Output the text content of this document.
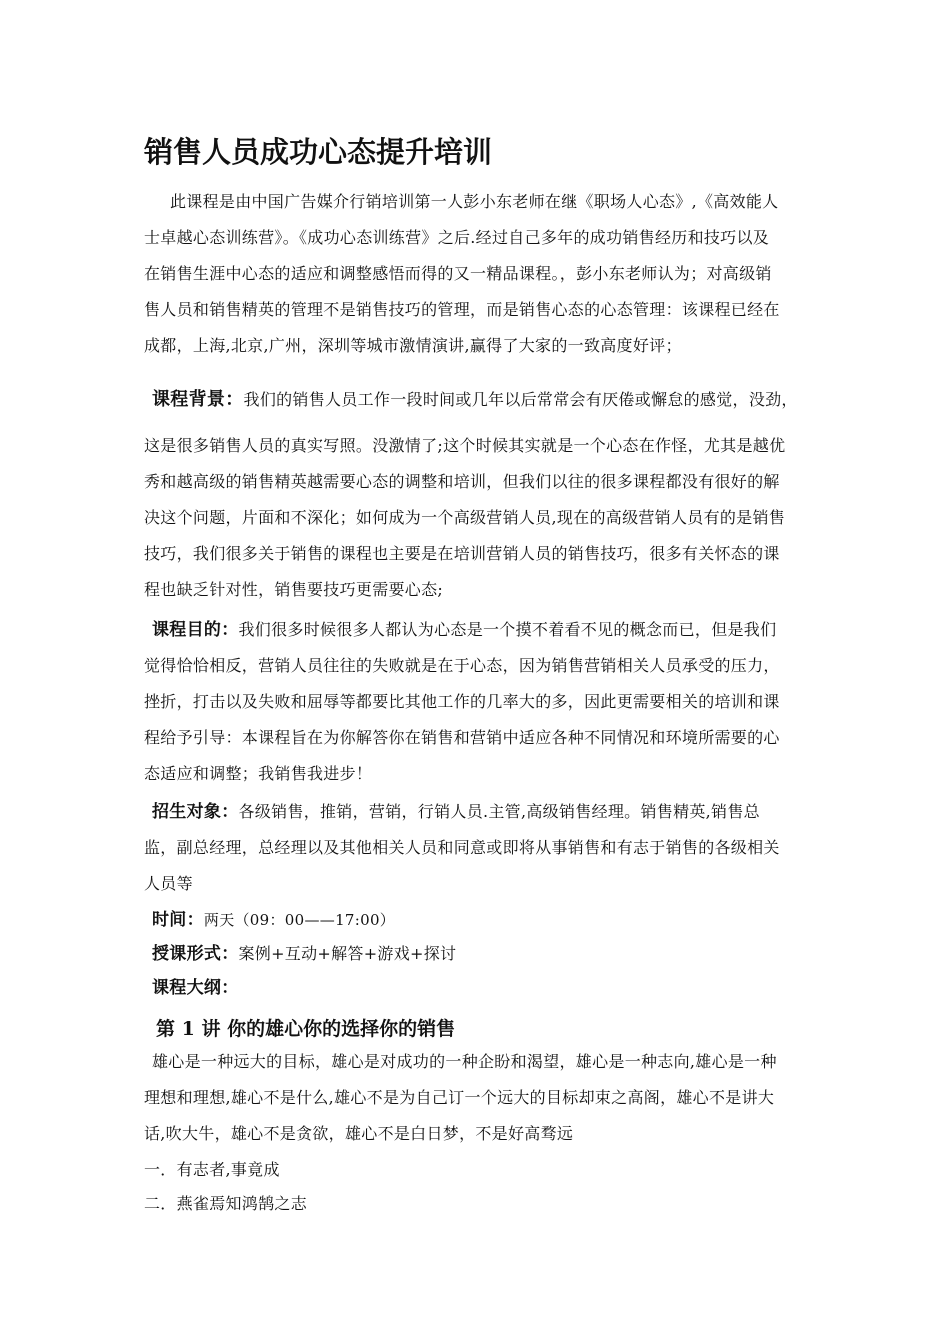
销售人员成功心态提升培训
此课程是由中国广告媒介行销培训第一人彭小东老师在继《职场人心态》,《高效能人
士卓越心态训练营》。《成功心态训练营》之后.经过自己多年的成功销售经历和技巧以及
在销售生涯中心态的适应和调整感悟而得的又一精品课程。，彭小东老师认为；对高级销
售人员和销售精英的管理不是销售技巧的管理，而是销售心态的心态管理：该课程已经在
成都，上海,北京,广州，深圳等城市激情演讲,赢得了大家的一致高度好评；
课程背景：我们的销售人员工作一段时间或几年以后常常会有厌倦或懈怠的感觉，没劲，
这是很多销售人员的真实写照。没激情了;这个时候其实就是一个心态在作怪，尤其是越优
秀和越高级的销售精英越需要心态的调整和培训，但我们以往的很多课程都没有很好的解
决这个问题，片面和不深化；如何成为一个高级营销人员,现在的高级营销人员有的是销售
技巧，我们很多关于销售的课程也主要是在培训营销人员的销售技巧，很多有关怀态的课
程也缺乏针对性，销售要技巧更需要心态;
课程目的：我们很多时候很多人都认为心态是一个摸不着看不见的概念而已，但是我们
觉得恰恰相反，营销人员往往的失败就是在于心态，因为销售营销相关人员承受的压力，
挫折，打击以及失败和屈辱等都要比其他工作的几率大的多，因此更需要相关的培训和课
程给予引导：本课程旨在为你解答你在销售和营销中适应各种不同情况和环境所需要的心
态适应和调整；我销售我进步！
招生对象：各级销售，推销，营销，行销人员.主管,高级销售经理。销售精英,销售总
监，副总经理，总经理以及其他相关人员和同意或即将从事销售和有志于销售的各级相关
人员等
时间：两天（09：00——17:00）
授课形式：案例+互动+解答+游戏+探讨
课程大纲：
第 1 讲 你的雄心你的选择你的销售
雄心是一种远大的目标，雄心是对成功的一种企盼和渴望，雄心是一种志向,雄心是一种
理想和理想,雄心不是什么,雄心不是为自己订一个远大的目标却束之高阁，雄心不是讲大
话,吹大牛，雄心不是贪欲，雄心不是白日梦，不是好高骛远
一．有志者,事竟成
二．燕雀焉知鸿鹄之志
